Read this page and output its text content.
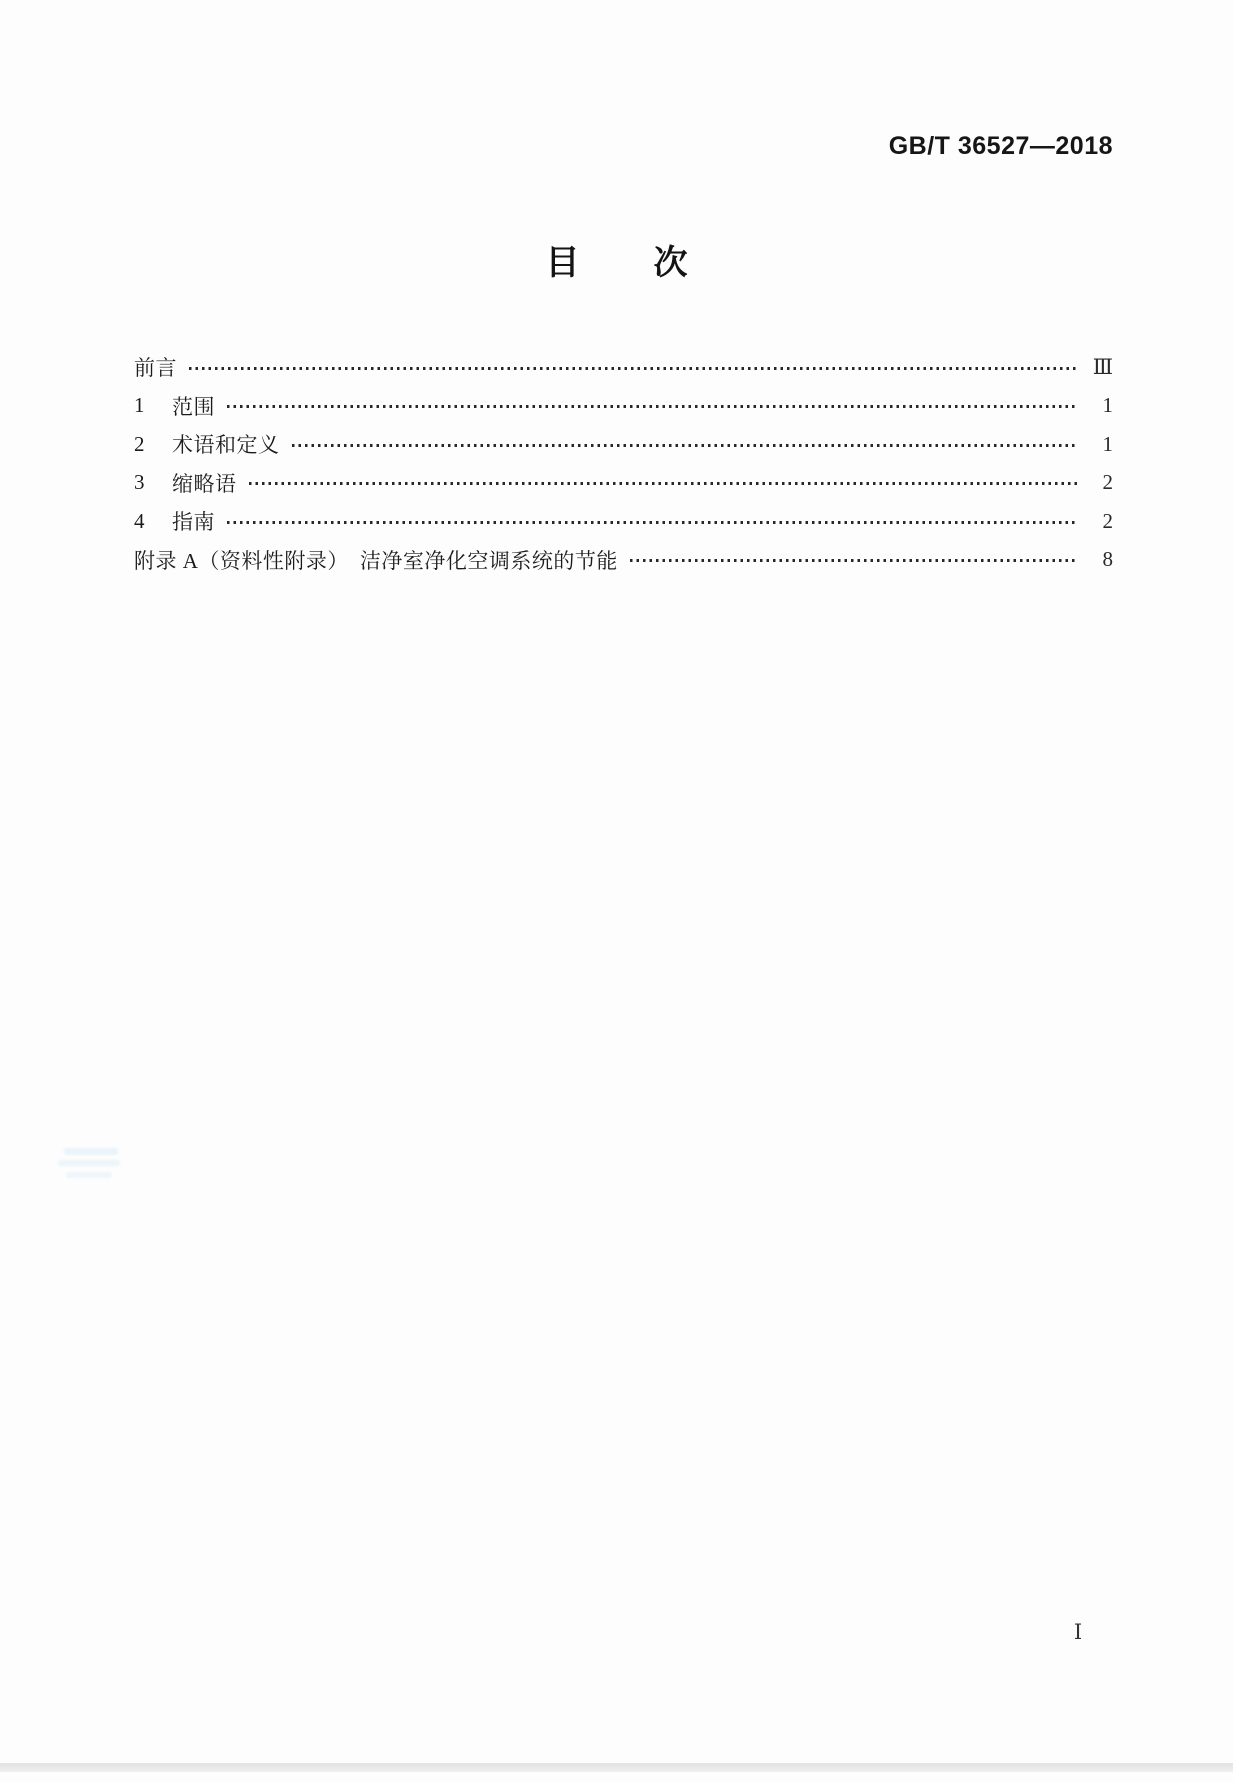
GB/T 36527—2018
目 次
前言	Ⅲ
1	范围	1
2	术语和定义	1
3	缩略语	2
4	指南	2
附录 A（资料性附录）　洁净室净化空调系统的节能	8
Ⅰ
